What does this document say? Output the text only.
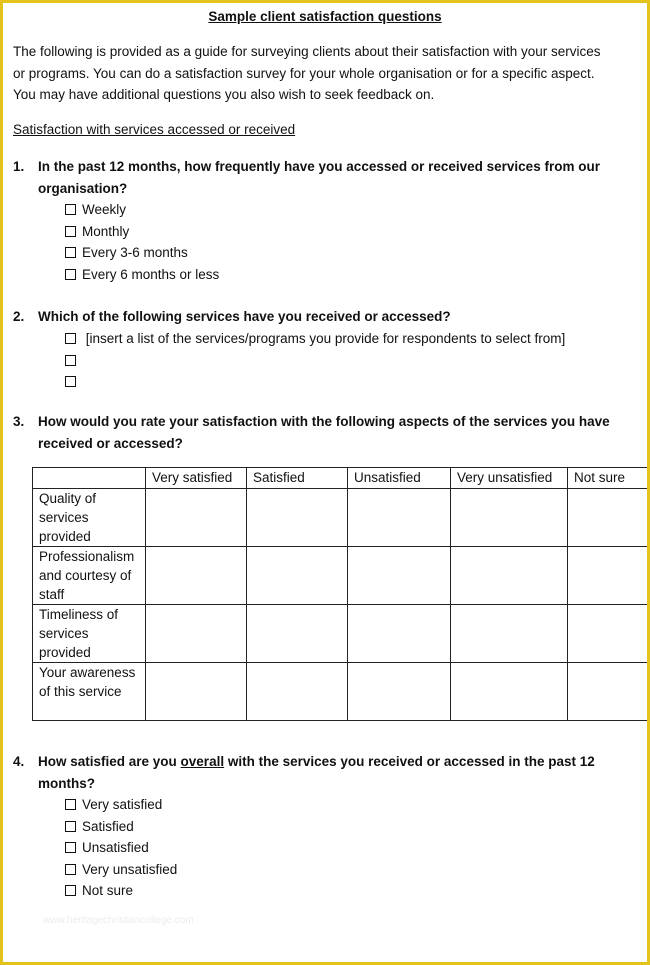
Sample client satisfaction questions

The following is provided as a guide for surveying clients about their satisfaction with your services

or programs. You can do a satisfaction survey for your whole organisation or for a specific aspect.

You may have additional questions you also wish to seek feedback on.

Satisfaction with services accessed or received
1. In the past 12 months, how frequently have you accessed or received services from our organisation?
Weekly
Monthly
Every 3-6 months
Every 6 months or less
2. Which of the following services have you received or accessed?
[insert a list of the services/programs you provide for respondents to select from]
3. How would you rate your satisfaction with the following aspects of the services you have received or accessed?
	Very satisfied	Satisfied	Unsatisfied	Very unsatisfied	Not sure
Quality of services provided					
Professionalism and courtesy of staff					
Timeliness of services provided					
Your awareness of this service					
4. How satisfied are you overall with the services you received or accessed in the past 12 months?
Very satisfied
Satisfied
Unsatisfied
Very unsatisfied
Not sure
www.heritagechristiancollege.com
